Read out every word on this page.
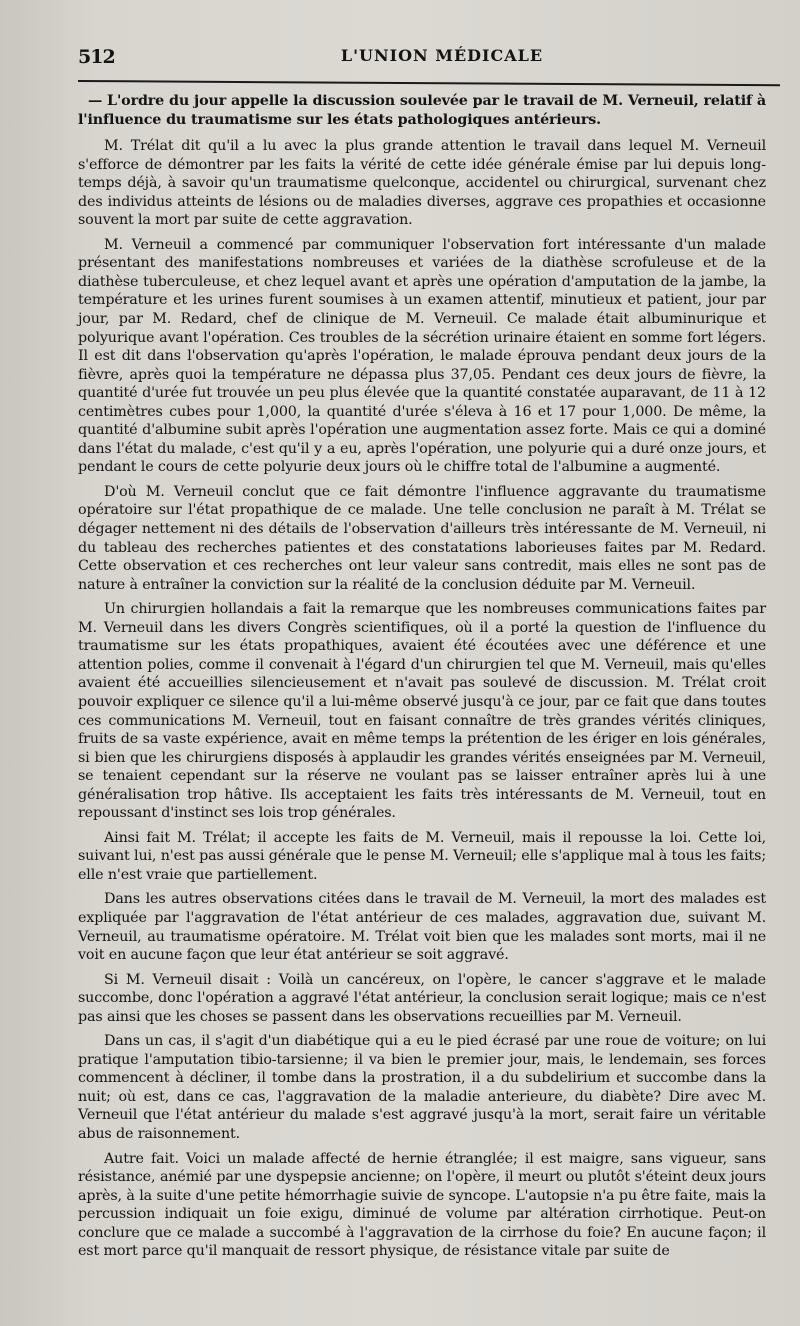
512	L'UNION MÉDICALE

— L'ordre du jour appelle la discussion soulevée par le travail de M. Verneuil, relatif à l'influence du traumatisme sur les états pathologiques antérieurs.

M. Trélat dit qu'il a lu avec la plus grande attention le travail dans lequel M. Verneuil s'efforce de démontrer par les faits la vérité de cette idée générale émise par lui depuis long-temps déjà, à savoir qu'un traumatisme quelconque, accidentel ou chirurgical, survenant chez des individus atteints de lésions ou de maladies diverses, aggrave ces propathies et occasionne souvent la mort par suite de cette aggravation.

M. Verneuil a commencé par communiquer l'observation fort intéressante d'un malade présentant des manifestations nombreuses et variées de la diathèse scrofuleuse et de la diathèse tuberculeuse, et chez lequel avant et après une opération d'amputation de la jambe, la température et les urines furent soumises à un examen attentif, minutieux et patient, jour par jour, par M. Redard, chef de clinique de M. Verneuil. Ce malade était albuminurique et polyurique avant l'opération. Ces troubles de la sécrétion urinaire étaient en somme fort légers. Il est dit dans l'observation qu'après l'opération, le malade éprouva pendant deux jours de la fièvre, après quoi la température ne dépassa plus 37,05. Pendant ces deux jours de fièvre, la quantité d'urée fut trouvée un peu plus élevée que la quantité constatée auparavant, de 11 à 12 centimètres cubes pour 1,000, la quantité d'urée s'éleva à 16 et 17 pour 1,000. De même, la quantité d'albumine subit après l'opération une augmentation assez forte. Mais ce qui a dominé dans l'état du malade, c'est qu'il y a eu, après l'opération, une polyurie qui a duré onze jours, et pendant le cours de cette polyurie deux jours où le chiffre total de l'albumine a augmenté.

D'où M. Verneuil conclut que ce fait démontre l'influence aggravante du traumatisme opératoire sur l'état propathique de ce malade. Une telle conclusion ne paraît à M. Trélat se dégager nettement ni des détails de l'observation d'ailleurs très intéressante de M. Verneuil, ni du tableau des recherches patientes et des constatations laborieuses faites par M. Redard. Cette observation et ces recherches ont leur valeur sans contredit, mais elles ne sont pas de nature à entraîner la conviction sur la réalité de la conclusion déduite par M. Verneuil.

Un chirurgien hollandais a fait la remarque que les nombreuses communications faites par M. Verneuil dans les divers Congrès scientifiques, où il a porté la question de l'influence du traumatisme sur les états propathiques, avaient été écoutées avec une déférence et une attention polies, comme il convenait à l'égard d'un chirurgien tel que M. Verneuil, mais qu'elles avaient été accueillies silencieusement et n'avait pas soulevé de discussion. M. Trélat croit pouvoir expliquer ce silence qu'il a lui-même observé jusqu'à ce jour, par ce fait que dans toutes ces communications M. Verneuil, tout en faisant connaître de très grandes vérités cliniques, fruits de sa vaste expérience, avait en même temps la prétention de les ériger en lois générales, si bien que les chirurgiens disposés à applaudir les grandes vérités enseignées par M. Verneuil, se tenaient cependant sur la réserve ne voulant pas se laisser entraîner après lui à une généralisation trop hâtive. Ils acceptaient les faits très intéressants de M. Verneuil, tout en repoussant d'instinct ses lois trop générales.

Ainsi fait M. Trélat; il accepte les faits de M. Verneuil, mais il repousse la loi. Cette loi, suivant lui, n'est pas aussi générale que le pense M. Verneuil; elle s'applique mal à tous les faits; elle n'est vraie que partiellement.

Dans les autres observations citées dans le travail de M. Verneuil, la mort des malades est expliquée par l'aggravation de l'état antérieur de ces malades, aggravation due, suivant M. Verneuil, au traumatisme opératoire. M. Trélat voit bien que les malades sont morts, mai il ne voit en aucune façon que leur état antérieur se soit aggravé.

Si M. Verneuil disait : Voilà un cancéreux, on l'opère, le cancer s'aggrave et le malade succombe, donc l'opération a aggravé l'état antérieur, la conclusion serait logique; mais ce n'est pas ainsi que les choses se passent dans les observations recueillies par M. Verneuil.

Dans un cas, il s'agit d'un diabétique qui a eu le pied écrasé par une roue de voiture; on lui pratique l'amputation tibio-tarsienne; il va bien le premier jour, mais, le lendemain, ses forces commencent à décliner, il tombe dans la prostration, il a du subdelirium et succombe dans la nuit; où est, dans ce cas, l'aggravation de la maladie anterieure, du diabète? Dire avec M. Verneuil que l'état antérieur du malade s'est aggravé jusqu'à la mort, serait faire un véritable abus de raisonnement.

Autre fait. Voici un malade affecté de hernie étranglée; il est maigre, sans vigueur, sans résistance, anémié par une dyspepsie ancienne; on l'opère, il meurt ou plutôt s'éteint deux jours après, à la suite d'une petite hémorrhagie suivie de syncope. L'autopsie n'a pu être faite, mais la percussion indiquait un foie exigu, diminué de volume par altération cirrhotique. Peut-on conclure que ce malade a succombé à l'aggravation de la cirrhose du foie? En aucune façon; il est mort parce qu'il manquait de ressort physique, de résistance vitale par suite de
